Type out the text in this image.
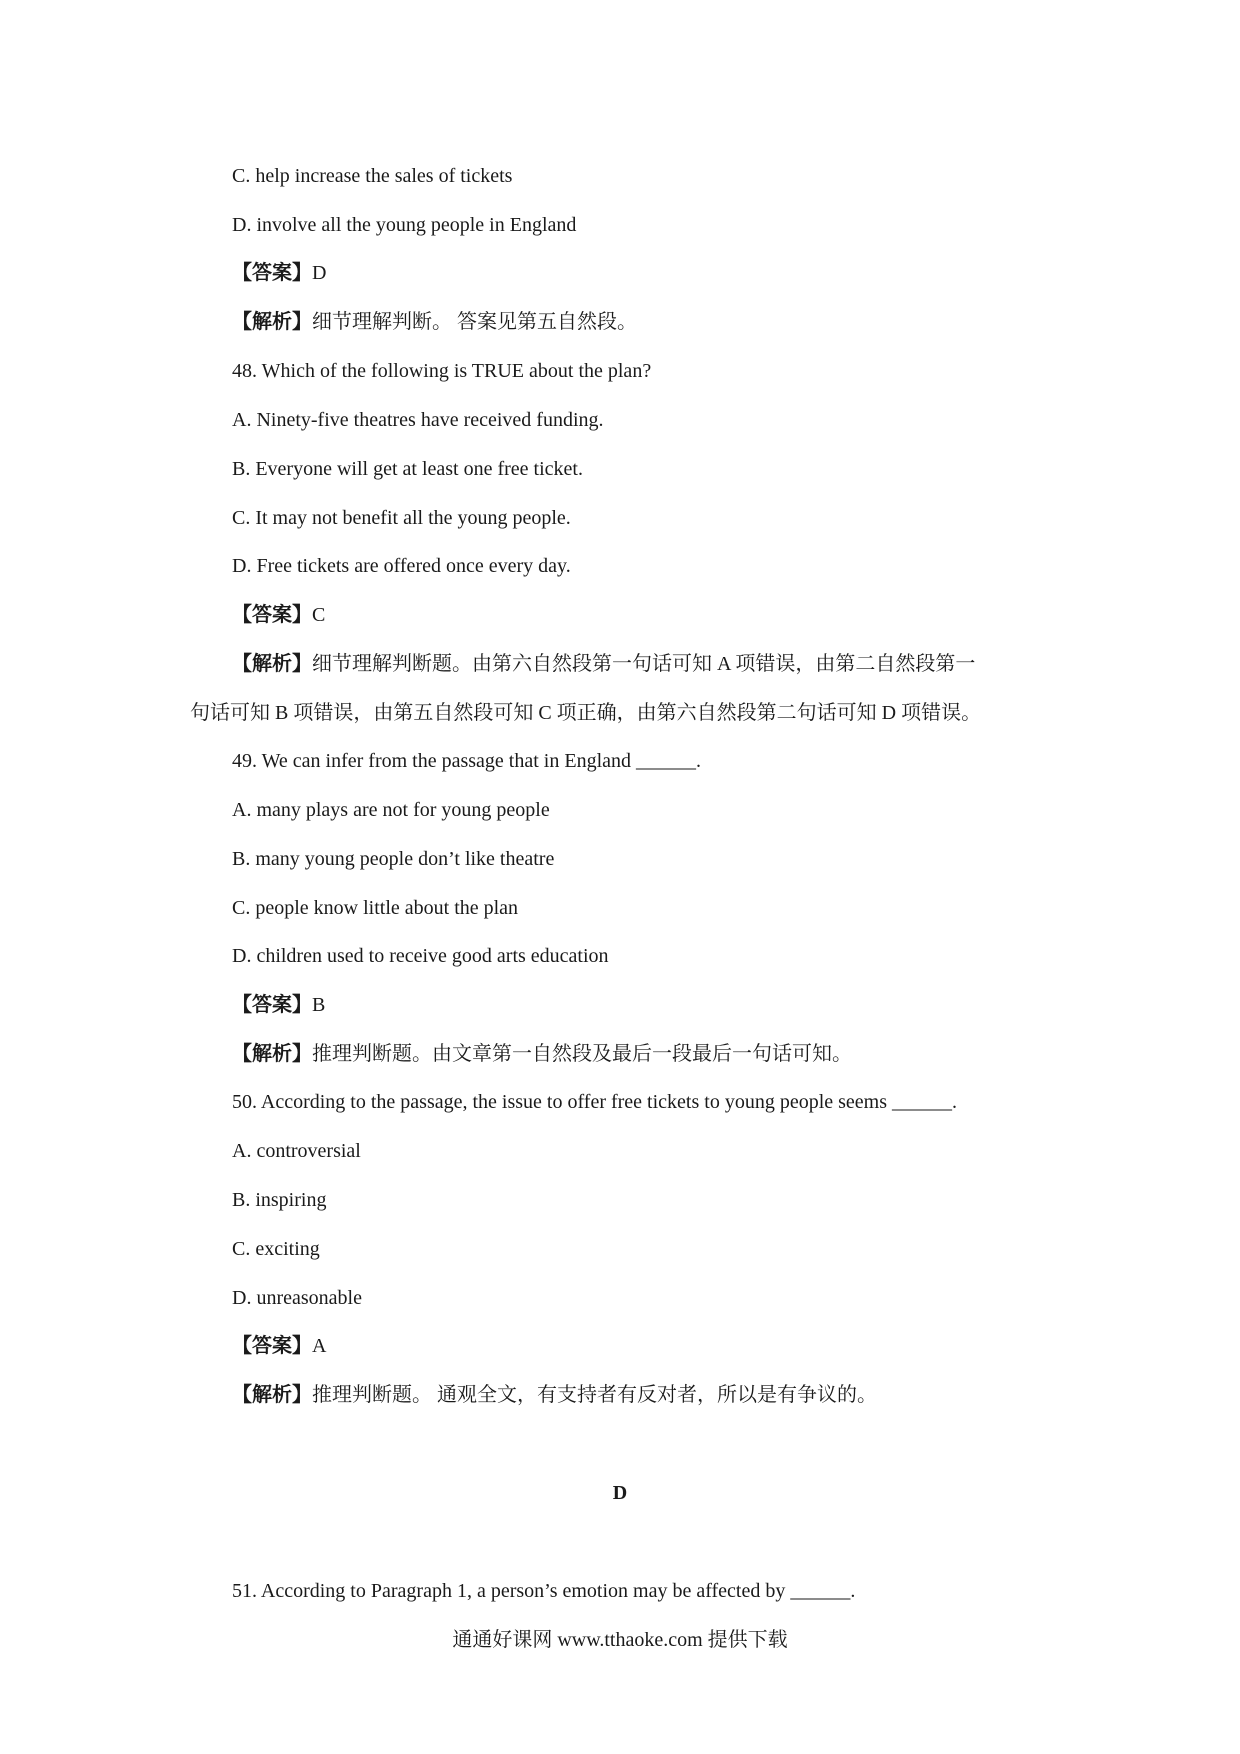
C. help increase the sales of tickets
D. involve all the young people in England
【答案】D
【解析】细节理解判断。 答案见第五自然段。
48. Which of the following is TRUE about the plan?
A. Ninety-five theatres have received funding.
B. Everyone will get at least one free ticket.
C. It may not benefit all the young people.
D. Free tickets are offered once every day.
【答案】C
【解析】细节理解判断题。由第六自然段第一句话可知 A 项错误，由第二自然段第一
句话可知 B 项错误，由第五自然段可知 C 项正确，由第六自然段第二句话可知 D 项错误。
49. We can infer from the passage that in England ______.
A. many plays are not for young people
B. many young people don’t like theatre
C. people know little about the plan
D. children used to receive good arts education
【答案】B
【解析】推理判断题。由文章第一自然段及最后一段最后一句话可知。
50. According to the passage, the issue to offer free tickets to young people seems ______.
A. controversial
B. inspiring
C. exciting
D. unreasonable
【答案】A
【解析】推理判断题。 通观全文，有支持者有反对者，所以是有争议的。
D
51. According to Paragraph 1, a person’s emotion may be affected by ______.
通通好课网 www.tthaoke.com 提供下载
